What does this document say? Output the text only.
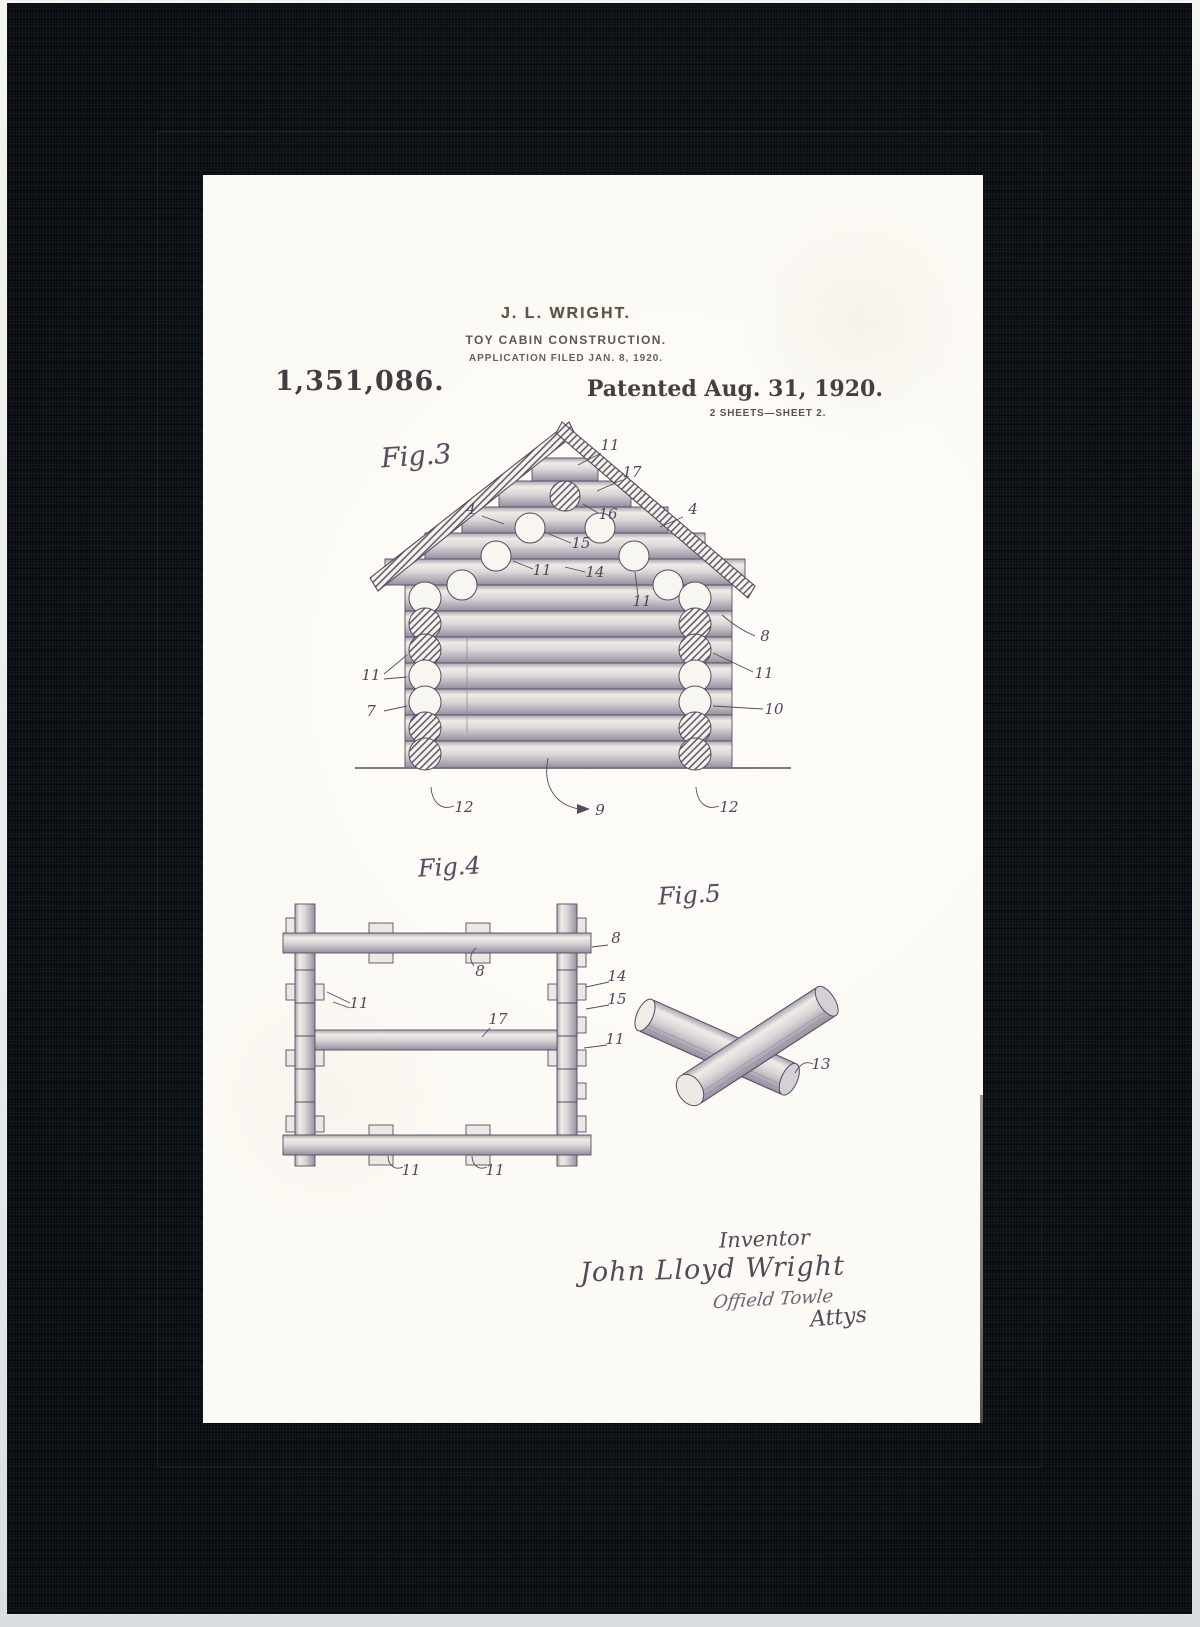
J. L. WRIGHT.
TOY CABIN CONSTRUCTION.
APPLICATION FILED JAN. 8, 1920.
1,351,086.	Patented Aug. 31, 1920.
2 SHEETS—SHEET 2.
Fig.3
Fig.4
Fig.5
11
17
4	4
16
15
14
11
11
8
11	11
7	10
12	9	12
8
11
17
8
14
15
11
11	11
13
Inventor
John Lloyd Wright
Offield Towle
Attys
